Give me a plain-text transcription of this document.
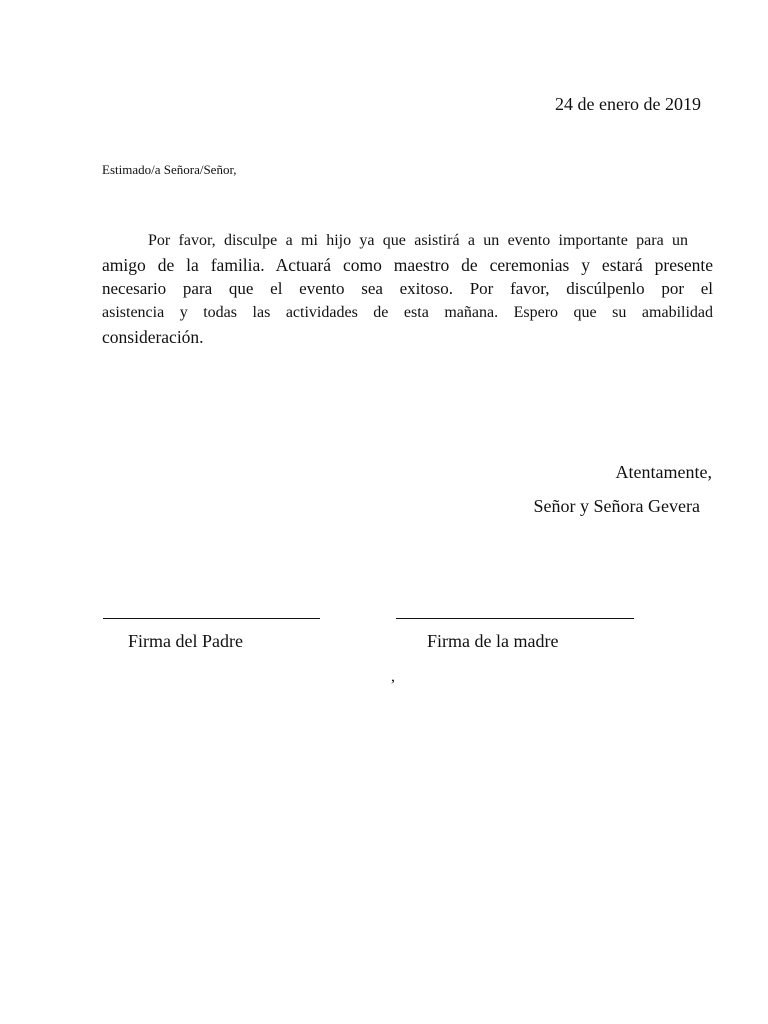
24 de enero de 2019
Estimado/a Señora/Señor,
Por favor, disculpe a mi hijo ya que asistirá a un evento importante para un
amigo de la familia. Actuará como maestro de ceremonias y estará presente
necesario para que el evento sea exitoso. Por favor, discúlpenlo por el
asistencia y todas las actividades de esta mañana. Espero que su amabilidad
consideración.
Atentamente,
Señor y Señora Gevera
Firma del Padre	Firma de la madre
,
